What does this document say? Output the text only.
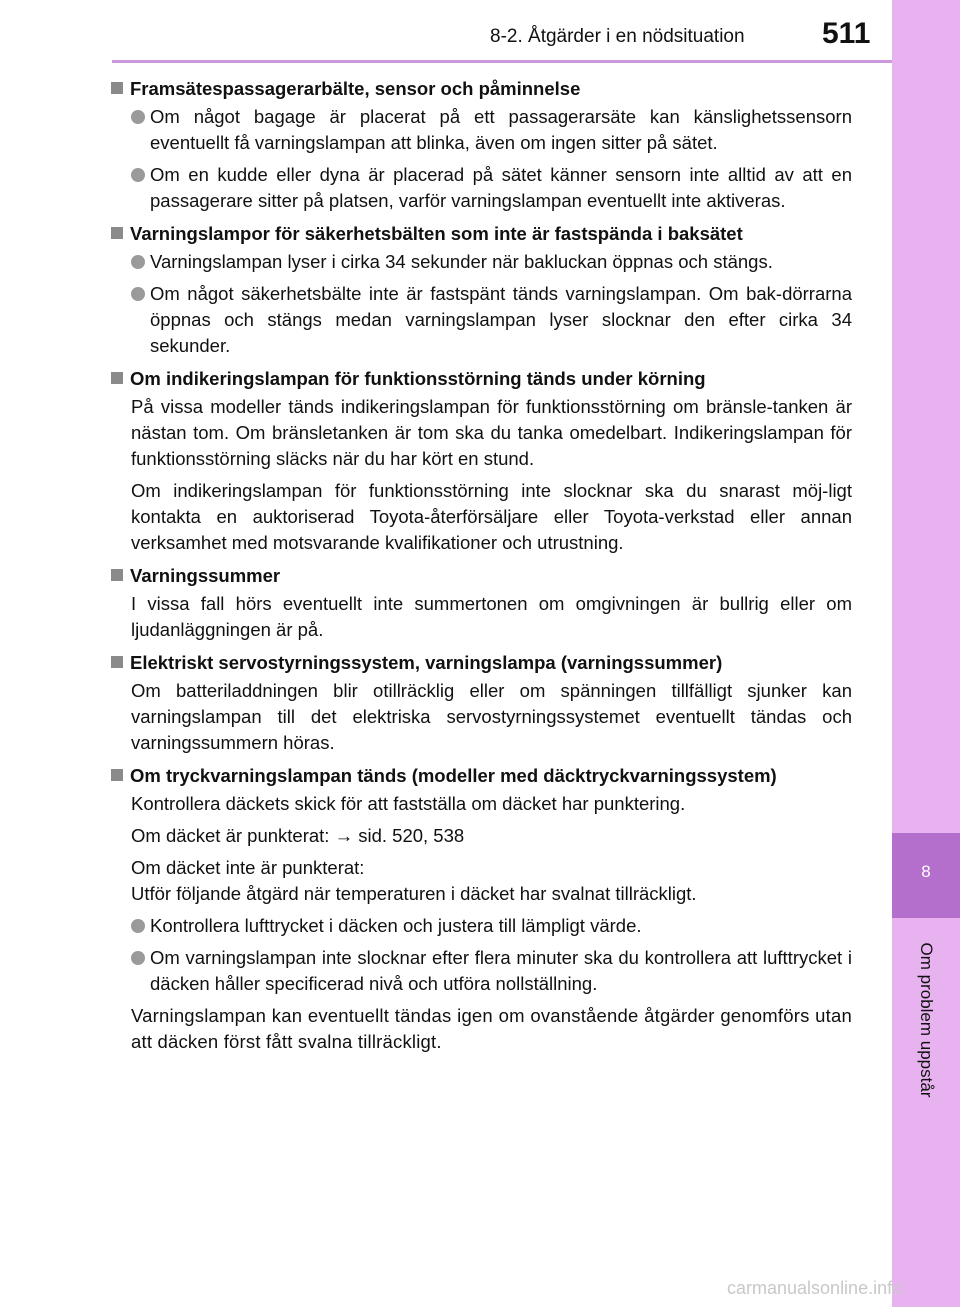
8
Om problem uppstår
8-2. Åtgärder i en nödsituation	511
Framsätespassagerarbälte, sensor och påminnelse
Om något bagage är placerat på ett passagerarsäte kan känslighetssensorn eventuellt få varningslampan att blinka, även om ingen sitter på sätet.
Om en kudde eller dyna är placerad på sätet känner sensorn inte alltid av att en passagerare sitter på platsen, varför varningslampan eventuellt inte aktiveras.
Varningslampor för säkerhetsbälten som inte är fastspända i baksätet
Varningslampan lyser i cirka 34 sekunder när bakluckan öppnas och stängs.
Om något säkerhetsbälte inte är fastspänt tänds varningslampan. Om bak-dörrarna öppnas och stängs medan varningslampan lyser slocknar den efter cirka 34 sekunder.
Om indikeringslampan för funktionsstörning tänds under körning
På vissa modeller tänds indikeringslampan för funktionsstörning om bränsle-tanken är nästan tom. Om bränsletanken är tom ska du tanka omedelbart. Indikeringslampan för funktionsstörning släcks när du har kört en stund.
Om indikeringslampan för funktionsstörning inte slocknar ska du snarast möj-ligt kontakta en auktoriserad Toyota-återförsäljare eller Toyota-verkstad eller annan verksamhet med motsvarande kvalifikationer och utrustning.
Varningssummer
I vissa fall hörs eventuellt inte summertonen om omgivningen är bullrig eller om ljudanläggningen är på.
Elektriskt servostyrningssystem, varningslampa (varningssummer)
Om batteriladdningen blir otillräcklig eller om spänningen tillfälligt sjunker kan varningslampan till det elektriska servostyrningssystemet eventuellt tändas och varningssummern höras.
Om tryckvarningslampan tänds (modeller med däcktryckvarningssystem)
Kontrollera däckets skick för att fastställa om däcket har punktering.
Om däcket är punkterat: → sid. 520, 538
Om däcket inte är punkterat:
Utför följande åtgärd när temperaturen i däcket har svalnat tillräckligt.
Kontrollera lufttrycket i däcken och justera till lämpligt värde.
Om varningslampan inte slocknar efter flera minuter ska du kontrollera att lufttrycket i däcken håller specificerad nivå och utföra nollställning.
Varningslampan kan eventuellt tändas igen om ovanstående åtgärder genomförs utan att däcken först fått svalna tillräckligt.
carmanualsonline.info
